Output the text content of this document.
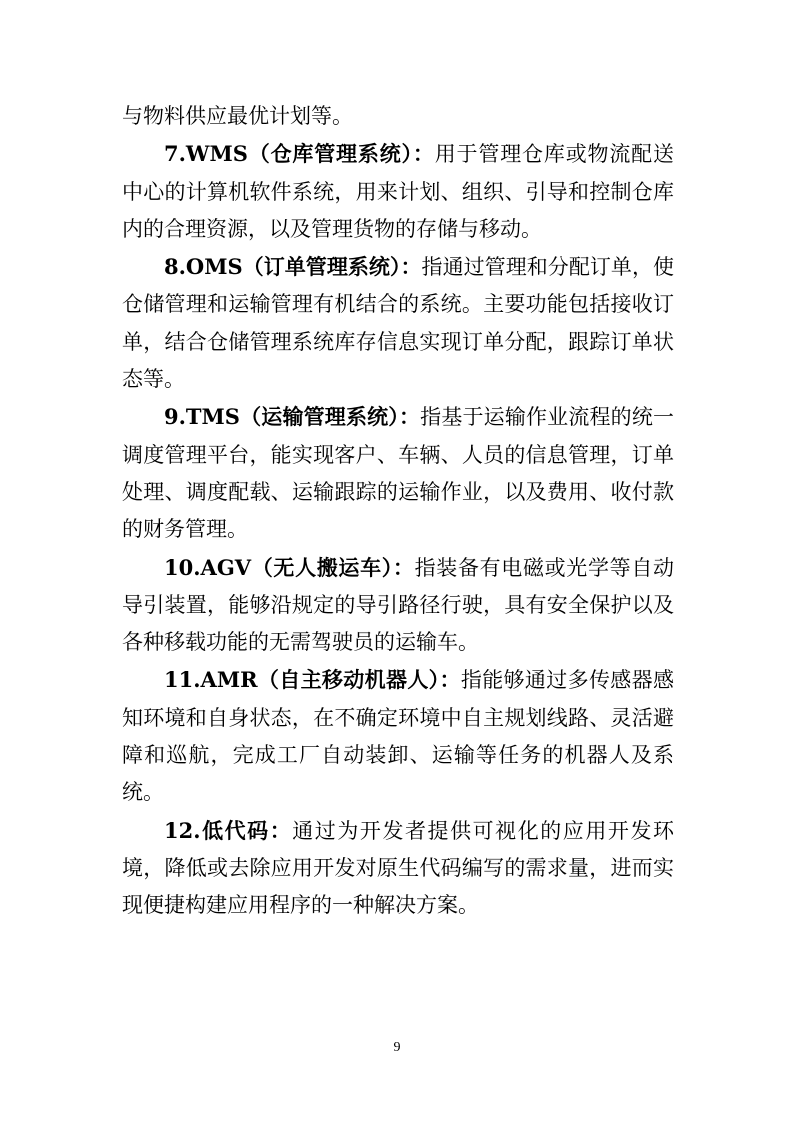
与物料供应最优计划等。

7.WMS（仓库管理系统）：用于管理仓库或物流配送中心的计算机软件系统，用来计划、组织、引导和控制仓库内的合理资源，以及管理货物的存储与移动。

8.OMS（订单管理系统）：指通过管理和分配订单，使仓储管理和运输管理有机结合的系统。主要功能包括接收订单，结合仓储管理系统库存信息实现订单分配，跟踪订单状态等。

9.TMS（运输管理系统）：指基于运输作业流程的统一调度管理平台，能实现客户、车辆、人员的信息管理，订单处理、调度配载、运输跟踪的运输作业，以及费用、收付款的财务管理。

10.AGV（无人搬运车）：指装备有电磁或光学等自动导引装置，能够沿规定的导引路径行驶，具有安全保护以及各种移载功能的无需驾驶员的运输车。

11.AMR（自主移动机器人）：指能够通过多传感器感知环境和自身状态，在不确定环境中自主规划线路、灵活避障和巡航，完成工厂自动装卸、运输等任务的机器人及系统。

12.低代码：通过为开发者提供可视化的应用开发环境，降低或去除应用开发对原生代码编写的需求量，进而实现便捷构建应用程序的一种解决方案。

9
